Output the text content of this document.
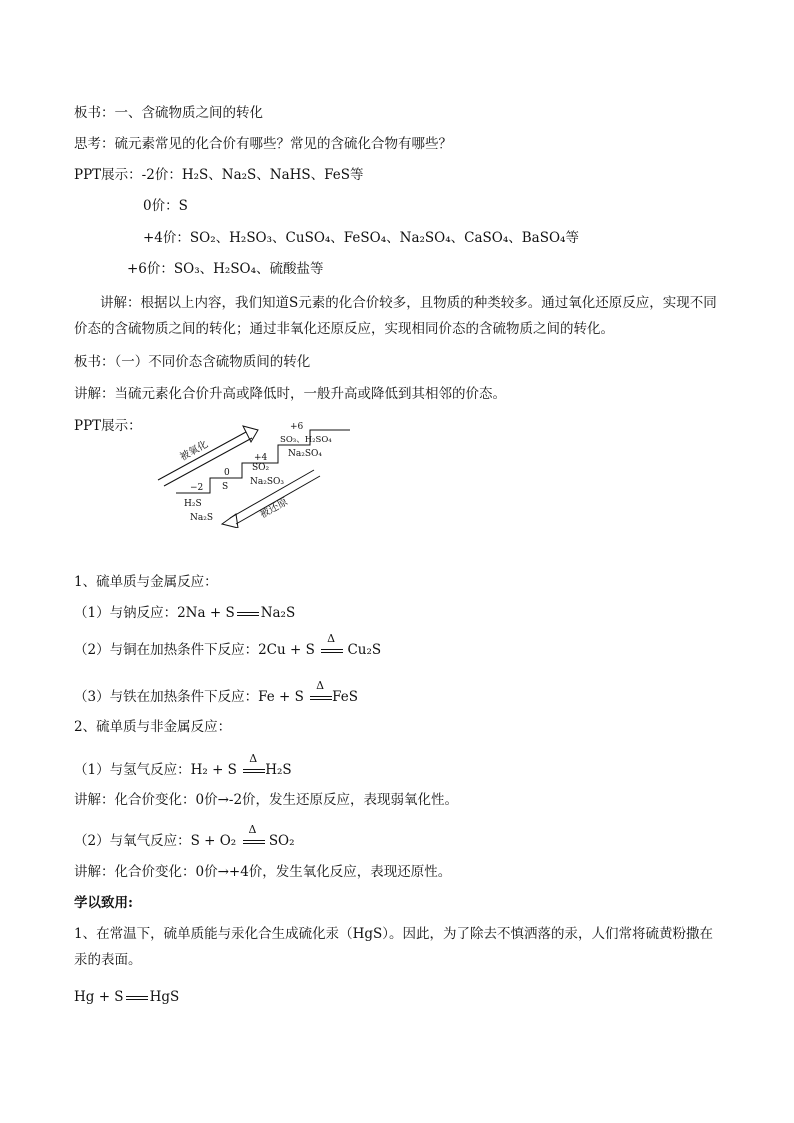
板书：一、含硫物质之间的转化
思考：硫元素常见的化合价有哪些？常见的含硫化合物有哪些？
PPT展示：-2价：H₂S、Na₂S、NaHS、FeS等
0价：S
+4价：SO₂、H₂SO₃、CuSO₄、FeSO₄、Na₂SO₄、CaSO₄、BaSO₄等
+6价：SO₃、H₂SO₄、硫酸盐等
讲解：根据以上内容，我们知道S元素的化合价较多，且物质的种类较多。通过氧化还原反应，实现不同价态的含硫物质之间的转化；通过非氧化还原反应，实现相同价态的含硫物质之间的转化。
板书：（一）不同价态含硫物质间的转化
讲解：当硫元素化合价升高或降低时，一般升高或降低到其相邻的价态。
PPT展示：
被氧化
−2
0
+4
+6
H₂S
Na₂S
S
SO₂
Na₂SO₃
SO₃、H₂SO₄
Na₂SO₄
被还原
1、硫单质与金属反应：
（1）与钠反应：2Na + S Na₂S
（2）与铜在加热条件下反应：2Cu + S
Δ
Cu₂S
（3）与铁在加热条件下反应：Fe + S
Δ
FeS
2、硫单质与非金属反应：
（1）与氢气反应：H₂ + S
Δ
H₂S
讲解：化合价变化：0价→-2价，发生还原反应，表现弱氧化性。
（2）与氧气反应：S + O₂
Δ
SO₂
讲解：化合价变化：0价→+4价，发生氧化反应，表现还原性。
学以致用:
1、在常温下，硫单质能与汞化合生成硫化汞（HgS）。因此，为了除去不慎洒落的汞，人们常将硫黄粉撒在汞的表面。
Hg + S HgS
